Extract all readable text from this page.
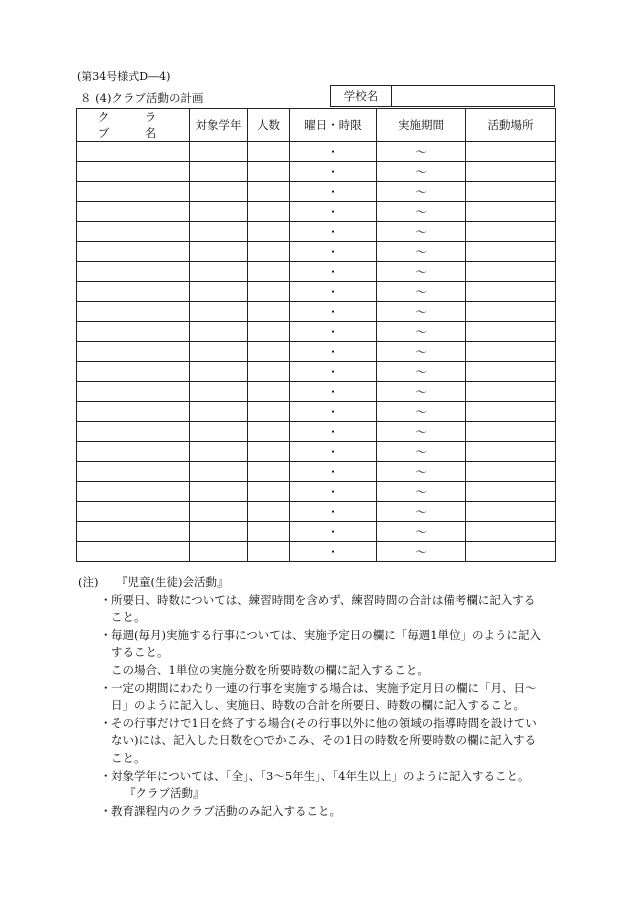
(第34号様式D―4)
８ (4)クラブ活動の計画	学校名
ク　ラ　ブ　名	対象学年	人数	曜日・時限	実施期間	活動場所
			・	～	
			・	～	
			・	～	
			・	～	
			・	～	
			・	～	
			・	～	
			・	～	
			・	～	
			・	～	
			・	～	
			・	～	
			・	～	
			・	～	
			・	～	
			・	～	
			・	～	
			・	～	
			・	～	
			・	～	
			・	～	
(注)	『児童(生徒)会活動』
・ 所要日、時数については、練習時間を含めず、練習時間の合計は備考欄に記入する
こと。
・ 毎週(毎月)実施する行事については、実施予定日の欄に「毎週1単位」のように記入
すること。
この場合、1単位の実施分数を所要時数の欄に記入すること。
・ 一定の期間にわたり一連の行事を実施する場合は、実施予定月日の欄に「月、日～
日」のように記入し、実施日、時数の合計を所要日、時数の欄に記入すること。
・ その行事だけで1日を終了する場合(その行事以外に他の領域の指導時間を設けてい
ない)には、記入した日数を○でかこみ、その1日の時数を所要時数の欄に記入する
こと。
・ 対象学年については、「全」、「3～5年生」、「4年生以上」のように記入すること。
『クラブ活動』
・ 教育課程内のクラブ活動のみ記入すること。
